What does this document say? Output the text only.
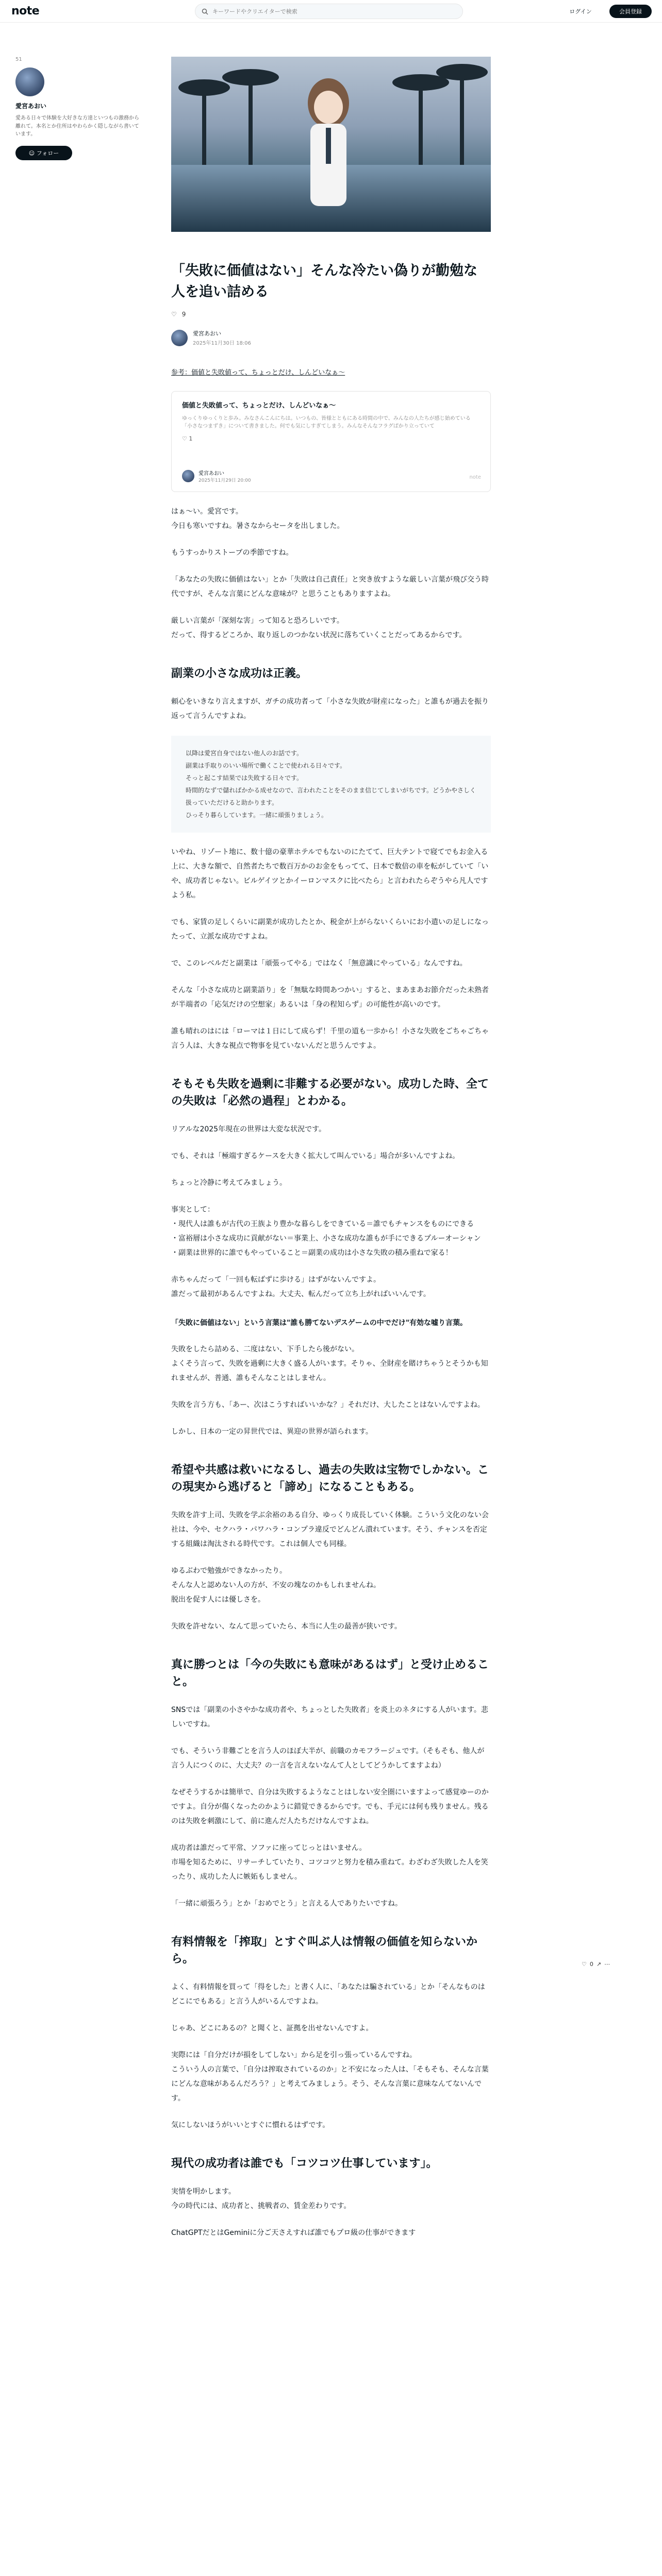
note
キーワードやクリエイターで検索	ログイン	会員登録
51
愛宮あおい
愛ある日々で体験を大好きな方達といつもの激務から離れて。本名とか住所はやわらかく隠しながら書いています。
☺ フォロー
「失敗に価値はない」そんな冷たい偽りが勤勉な人を追い詰める
♡ 9
愛宮あおい
2025年11月30日 18:06
参考：価値と失敗値って、ちょっとだけ、しんどいなぁ〜
価値と失敗値って、ちょっとだけ、しんどいなぁ〜
ゆっくりゆっくりと歩み。みなさんこんにちは。いつもの、皆様とともにある時間の中で、みんなの人たちが感じ始めている「小さなつまずき」について書きました。何でも気にしすぎてしまう。みんなそんなフラグばかり立っていて
♡ 1
愛宮あおい
2025年11月29日 20:00
note

はぁ〜い。愛宮です。
今日も寒いですね。暑さなからセータを出しました。

もうすっかりストーブの季節ですね。

「あなたの失敗に価値はない」とか「失敗は自己責任」と突き放すような厳しい言葉が飛び交う時代ですが、そんな言葉にどんな意味が？と思うこともありますよね。

厳しい言葉が「深刻な害」って知ると恐ろしいです。
だって、得するどころか、取り返しのつかない状況に落ちていくことだってあるからです。

副業の小さな成功は正義。

頼心をいきなり言えますが、ガチの成功者って「小さな失敗が財産になった」と誰もが過去を振り返って言うんですよね。

以降は愛宮自身ではない他人のお話です。
副業は手取りのいい場所で働くことで使われる日々です。
そっと起こす結果では失敗する日々です。
時間的なずで儲ればかかる成せなので、言われたことをそのまま信じてしまいがちです。どうかやさしく扱っていただけると助かります。
ひっそり暮らしています。一緒に頑張りましょう。

いやね、リゾート地に、数十億の豪華ホテルでもないのにたてて、巨大テントで寝てでもお金入る上に、大きな額で、自然者たちで数百万かのお金をもってて、日本で数倍の車を転がしていて「いや、成功者じゃない。ビルゲイツとかイーロンマスクに比べたら」と言われたらぞうやら凡人ですよう私。

でも、家賃の足しくらいに副業が成功したとか、税金が上がらないくらいにお小遣いの足しになったって、立派な成功ですよね。

で、このレベルだと副業は「頑張ってやる」ではなく「無意識にやっている」なんですね。

そんな「小さな成功と副業語り」を「無駄な時間あつかい」すると、まあまあお節介だった未熟者が半端者の「応気だけの空想家」あるいは「身の程知らず」の可能性が高いのです。

誰も晴れのはには「ローマは１日にして成らず！千里の道も一歩から！小さな失敗をごちゃごちゃ言う人は、大きな視点で物事を見ていないんだと思うんですよ。

そもそも失敗を過剰に非難する必要がない。成功した時、全ての失敗は「必然の過程」とわかる。

リアルな2025年現在の世界は大変な状況です。

でも、それは「極端すぎるケースを大きく拡大して叫んでいる」場合が多いんですよね。

ちょっと冷静に考えてみましょう。

事実として：
・現代人は誰もが古代の王族より豊かな暮らしをできている＝誰でもチャンスをものにできる
・富裕層は小さな成功に貢献がない＝事業上、小さな成功な誰もが手にできるプルーオーシャン
・副業は世界的に誰でもやっていること＝副業の成功は小さな失敗の積み重ねで家る！

赤ちゃんだって「一回も転ばずに歩ける」はずがないんですよ。
誰だって最初があるんですよね。大丈夫、転んだって立ち上がればいいんです。

「失敗に価値はない」という言葉は"誰も勝てないデスゲームの中でだけ"有効な嘘り言葉。

失敗をしたら詰める、二度はない、下手したら後がない。
よくそう言って、失敗を過剰に大きく盛る人がいます。そりゃ、全財産を賭けちゃうとそうかも知れませんが、普通、誰もそんなことはしません。

失敗を言う方も、「あー、次はこうすればいいかな？」それだけ、大したことはないんですよね。

しかし、日本の一定の昇世代では、異迎の世界が語られます。

希望や共感は救いになるし、過去の失敗は宝物でしかない。この現実から逃げると「諦め」になることもある。

失敗を許す上司、失敗を学ぶ余裕のある自分、ゆっくり成長していく体験。こういう文化のない会社は、今や、セクハラ・パワハラ・コンプラ違反でどんどん潰れています。そう、チャンスを否定する組織は淘汰される時代です。これは個人でも同様。

ゆるぶわで勉強ができなかったり。
そんな人と認めない人の方が、不安の塊なのかもしれませんね。
脱出を促す人には優しさを。

失敗を許せない、なんて思っていたら、本当に人生の最善が狭いです。

真に勝つとは「今の失敗にも意味があるはず」と受け止めること。

SNSでは「副業の小さやかな成功者や、ちょっとした失敗者」を炎上のネタにする人がいます。悲しいですね。

でも、そういう非難ごとを言う人のほぼ大半が、前職のカモフラージュです。（そもそも、他人が言う人につくのに、大丈夫？の一言を言えないなんて人としてどうかしてますよね）

なぜそうするかは簡単で、自分は失敗するようなことはしない安全圏にいますよって感覚ゆーのかですよ。自分が傷くなったのかように錯覚できるからです。でも、手元には何も残りません。残るのは失敗を刺激にして、前に進んだ人たちだけなんですよね。

成功者は誰だって平常、ソファに座ってじっとはいません。
市場を知るために、リサーチしていたり、コツコツと努力を積み重ねて。わざわざ失敗した人を笑ったり、成功した人に嫉妬もしません。

「一緒に頑張ろう」とか「おめでとう」と言える人でありたいですね。

有料情報を「搾取」とすぐ叫ぶ人は情報の価値を知らないから。

よく、有料情報を買って「得をした」と書く人に、「あなたは騙されている」とか「そんなものはどこにでもある」と言う人がいるんですよね。

じゃあ、どこにあるの？と聞くと、証拠を出せないんですよ。

実際には「自分だけが損をしてしない」から足を引っ張っているんですね。
こういう人の言葉で、「自分は搾取されているのか」と不安になった人は、「そもそも、そんな言葉にどんな意味があるんだろう？」と考えてみましょう。そう、そんな言葉に意味なんてないんです。

気にしないほうがいいとすぐに慣れるはずです。

現代の成功者は誰でも「コツコツ仕事しています」。

実情を明かします。
今の時代には、成功者と、挑戦者の、賃金差わりです。

ChatGPTだとはGeminiに分ご天さえすれば誰でもプロ級の仕事ができます

♡ 0 ↗ ⋯
